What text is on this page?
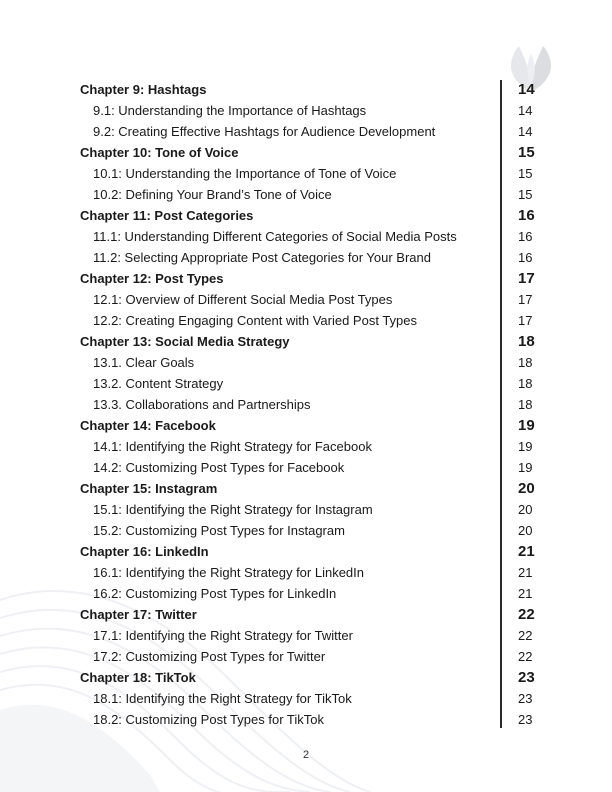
Chapter 9: Hashtags	14
9.1: Understanding the Importance of Hashtags	14
9.2: Creating Effective Hashtags for Audience Development	14
Chapter 10: Tone of Voice	15
10.1: Understanding the Importance of Tone of Voice	15
10.2: Defining Your Brand’s Tone of Voice	15
Chapter 11: Post Categories	16
11.1: Understanding Different Categories of Social Media Posts	16
11.2: Selecting Appropriate Post Categories for Your Brand	16
Chapter 12: Post Types	17
12.1: Overview of Different Social Media Post Types	17
12.2: Creating Engaging Content with Varied Post Types	17
Chapter 13: Social Media Strategy	18
13.1. Clear Goals	18
13.2. Content Strategy	18
13.3. Collaborations and Partnerships	18
Chapter 14: Facebook	19
14.1: Identifying the Right Strategy for Facebook	19
14.2: Customizing Post Types for Facebook	19
Chapter 15: Instagram	20
15.1: Identifying the Right Strategy for Instagram	20
15.2: Customizing Post Types for Instagram	20
Chapter 16: LinkedIn	21
16.1: Identifying the Right Strategy for LinkedIn	21
16.2: Customizing Post Types for LinkedIn	21
Chapter 17: Twitter	22
17.1: Identifying the Right Strategy for Twitter	22
17.2: Customizing Post Types for Twitter	22
Chapter 18: TikTok	23
18.1: Identifying the Right Strategy for TikTok	23
18.2: Customizing Post Types for TikTok	23
2
